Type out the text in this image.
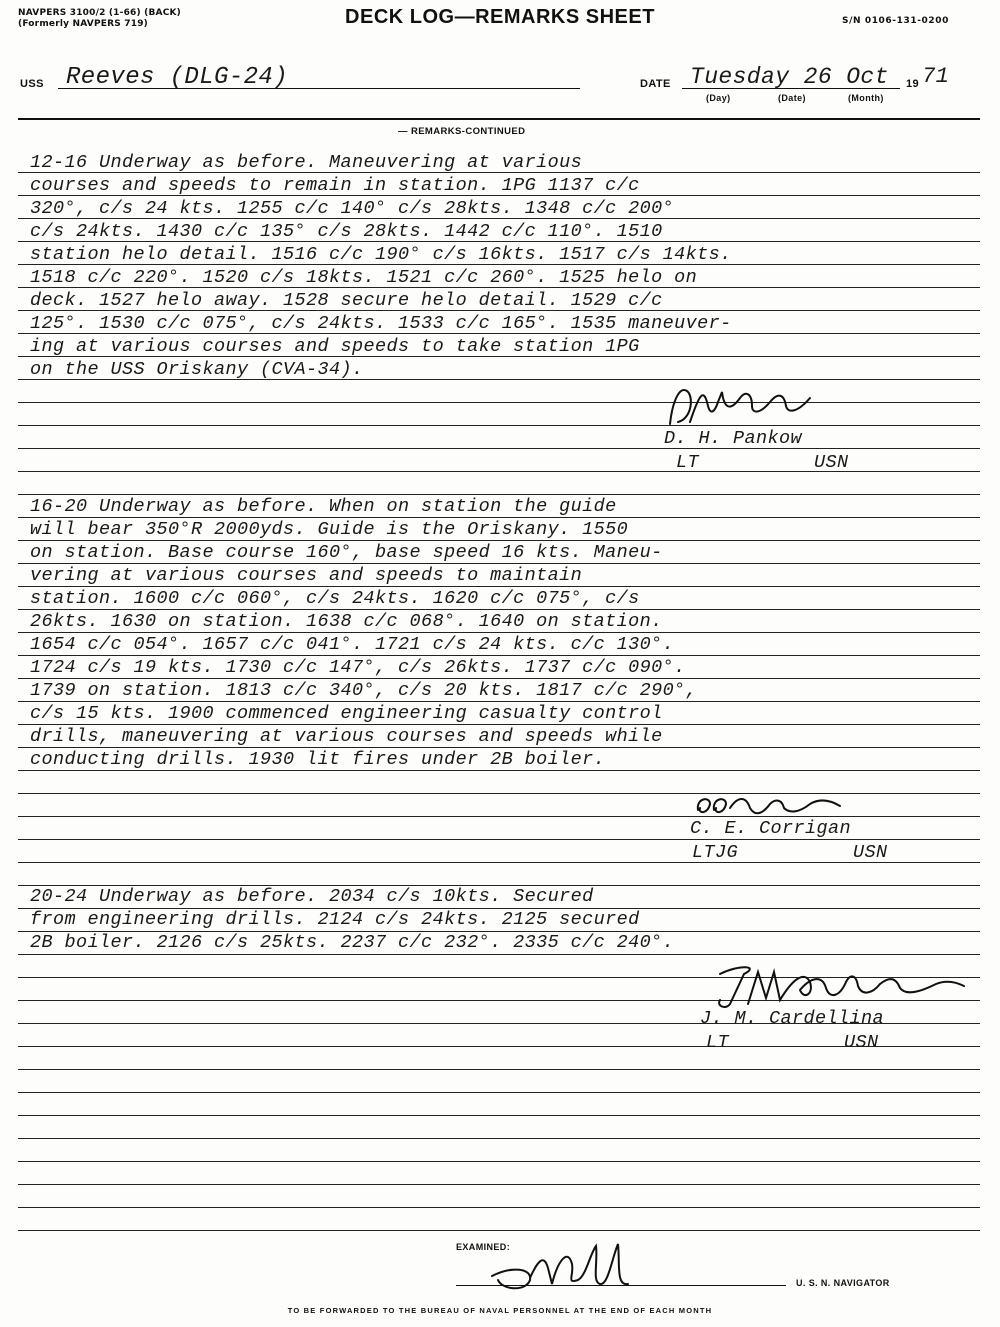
NAVPERS 3100/2 (1-66) (BACK)
(Formerly NAVPERS 719)	DECK LOG—REMARKS SHEET	S/N 0106-131-0200
USS Reeves (DLG-24)	DATE Tuesday 26 Oct 19 71
(Day)	(Date)	(Month)
— REMARKS-CONTINUED
12-16 Underway as before. Maneuvering at various
courses and speeds to remain in station. 1PG 1137 c/c
320°, c/s 24 kts. 1255 c/c 140° c/s 28kts. 1348 c/c 200°
c/s 24kts. 1430 c/c 135° c/s 28kts. 1442 c/c 110°. 1510
station helo detail. 1516 c/c 190° c/s 16kts. 1517 c/s 14kts.
1518 c/c 220°. 1520 c/s 18kts. 1521 c/c 260°. 1525 helo on
deck. 1527 helo away. 1528 secure helo detail. 1529 c/c
125°. 1530 c/c 075°, c/s 24kts. 1533 c/c 165°. 1535 maneuver-
ing at various courses and speeds to take station 1PG
on the USS Oriskany (CVA-34).
D. H. Pankow
LT          USN
16-20 Underway as before. When on station the guide
will bear 350°R 2000yds. Guide is the Oriskany. 1550
on station. Base course 160°, base speed 16 kts. Maneu-
vering at various courses and speeds to maintain
station. 1600 c/c 060°, c/s 24kts. 1620 c/c 075°, c/s
26kts. 1630 on station. 1638 c/c 068°. 1640 on station.
1654 c/c 054°. 1657 c/c 041°. 1721 c/s 24 kts. c/c 130°.
1724 c/s 19 kts. 1730 c/c 147°, c/s 26kts. 1737 c/c 090°.
1739 on station. 1813 c/c 340°, c/s 20 kts. 1817 c/c 290°,
c/s 15 kts. 1900 commenced engineering casualty control
drills, maneuvering at various courses and speeds while
conducting drills. 1930 lit fires under 2B boiler.
C. E. Corrigan
LTJG          USN
20-24 Underway as before. 2034 c/s 10kts. Secured
from engineering drills. 2124 c/s 24kts. 2125 secured
2B boiler. 2126 c/s 25kts. 2237 c/c 232°. 2335 c/c 240°.
J. M. Cardellina
LT          USN
EXAMINED:
U. S. N. NAVIGATOR
TO BE FORWARDED TO THE BUREAU OF NAVAL PERSONNEL AT THE END OF EACH MONTH
